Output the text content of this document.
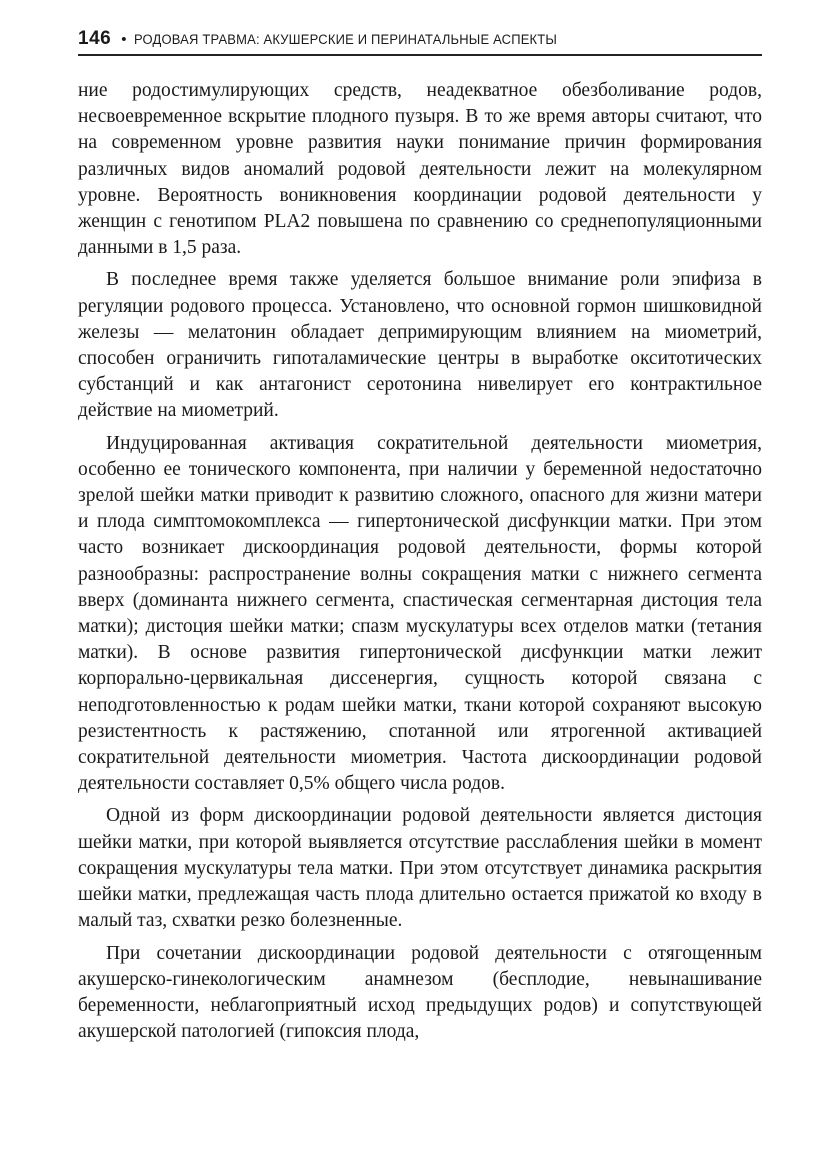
146 • РОДОВАЯ ТРАВМА: АКУШЕРСКИЕ И ПЕРИНАТАЛЬНЫЕ АСПЕКТЫ

ние родостимулирующих средств, неадекватное обезболивание родов, несвоевременное вскрытие плодного пузыря. В то же время авторы считают, что на современном уровне развития науки понимание причин формирования различных видов аномалий родовой деятельности лежит на молекулярном уровне. Вероятность воникновения координации родовой деятельности у женщин с генотипом PLA2 повышена по сравнению со среднепопуляционными данными в 1,5 раза.

В последнее время также уделяется большое внимание роли эпифиза в регуляции родового процесса. Установлено, что основной гормон шишковидной железы — мелатонин обладает депримирующим влиянием на миометрий, способен ограничить гипоталамические центры в выработке окситотических субстанций и как антагонист серотонина нивелирует его контрактильное действие на миометрий.

Индуцированная активация сократительной деятельности миометрия, особенно ее тонического компонента, при наличии у беременной недостаточно зрелой шейки матки приводит к развитию сложного, опасного для жизни матери и плода симптомокомплекса — гипертонической дисфункции матки. При этом часто возникает дискоординация родовой деятельности, формы которой разнообразны: распространение волны сокращения матки с нижнего сегмента вверх (доминанта нижнего сегмента, спастическая сегментарная дистоция тела матки); дистоция шейки матки; спазм мускулатуры всех отделов матки (тетания матки). В основе развития гипертонической дисфункции матки лежит корпорально-цервикальная диссенергия, сущность которой связана с неподготовленностью к родам шейки матки, ткани которой сохраняют высокую резистентность к растяжению, спотанной или ятрогенной активацией сократительной деятельности миометрия. Частота дискоординации родовой деятельности составляет 0,5% общего числа родов.

Одной из форм дискоординации родовой деятельности является дистоция шейки матки, при которой выявляется отсутствие расслабления шейки в момент сокращения мускулатуры тела матки. При этом отсутствует динамика раскрытия шейки матки, предлежащая часть плода длительно остается прижатой ко входу в малый таз, схватки резко болезненные.

При сочетании дискоординации родовой деятельности с отягощенным акушерско-гинекологическим анамнезом (бесплодие, невынашивание беременности, неблагоприятный исход предыдущих родов) и сопутствующей акушерской патологией (гипоксия плода,
